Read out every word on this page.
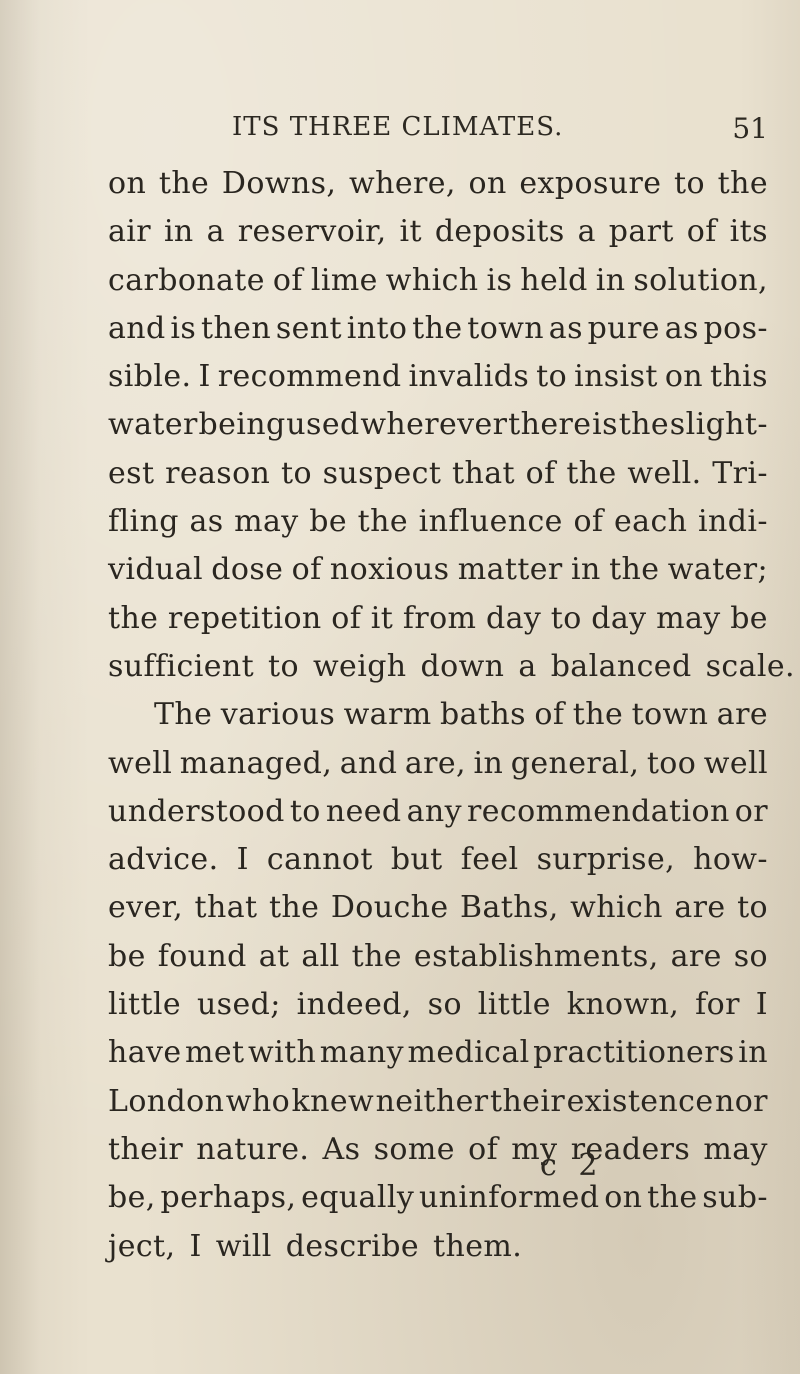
ITS THREE CLIMATES.	51
on the Downs, where, on exposure to the
air in a reservoir, it deposits a part of its
carbonate of lime which is held in solution,
and is then sent into the town as pure as pos-
sible. I recommend invalids to insist on this
water being used wherever there is the slight-
est reason to suspect that of the well. Tri-
fling as may be the influence of each indi-
vidual dose of noxious matter in the water;
the repetition of it from day to day may be
sufficient to weigh down a balanced scale.
The various warm baths of the town are
well managed, and are, in general, too well
understood to need any recommendation or
advice. I cannot but feel surprise, how-
ever, that the Douche Baths, which are to
be found at all the establishments, are so
little used; indeed, so little known, for I
have met with many medical practitioners in
London who knew neither their existence nor
their nature. As some of my readers may
be, perhaps, equally uninformed on the sub-
ject, I will describe them.
c 2
